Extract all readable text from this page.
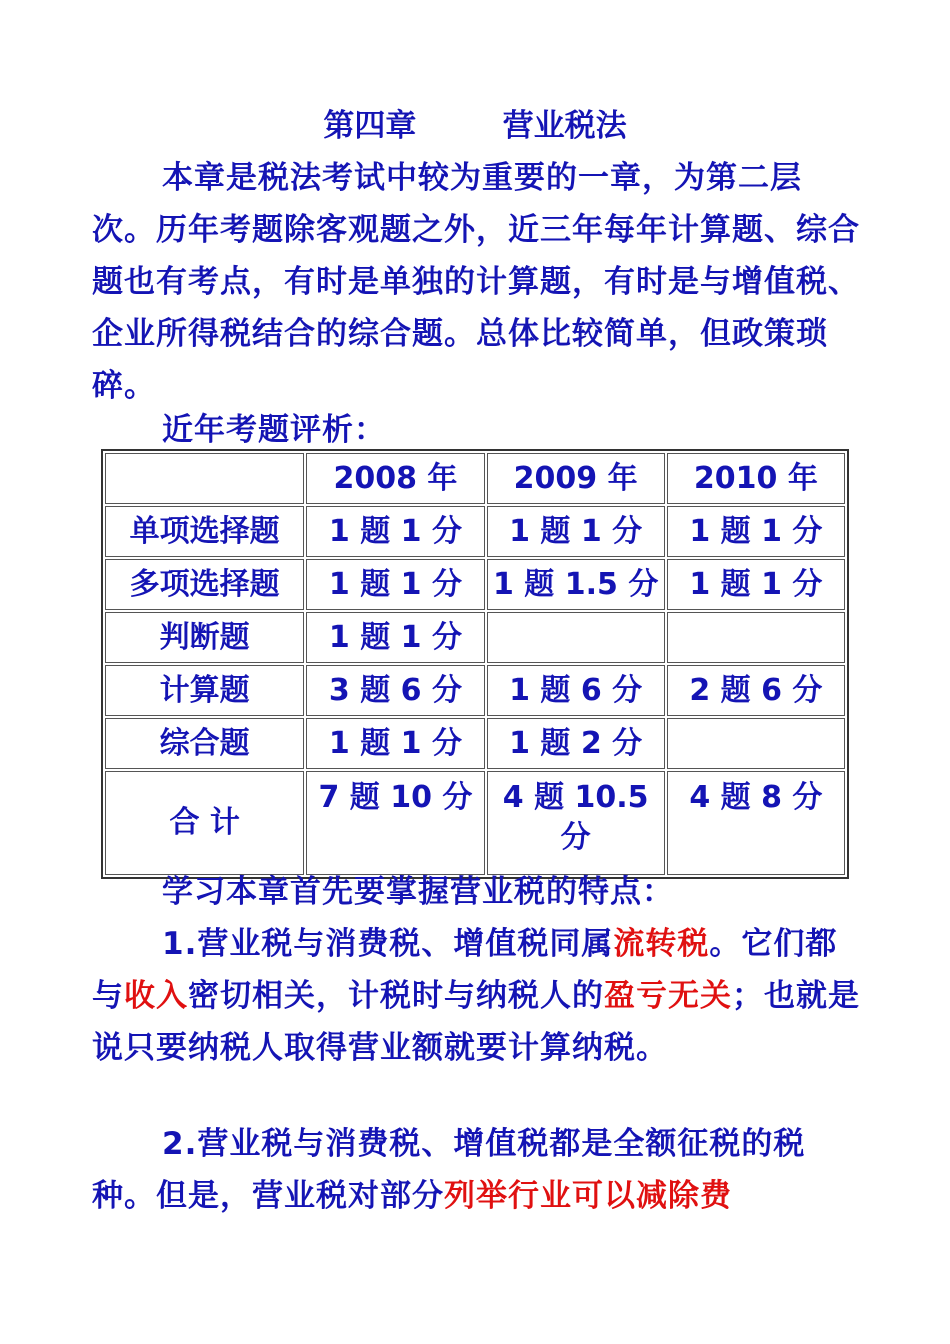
第四章        营业税法

本章是税法考试中较为重要的一章，为第二层次。历年考题除客观题之外，近三年每年计算题、综合题也有考点，有时是单独的计算题，有时是与增值税、企业所得税结合的综合题。总体比较简单，但政策琐碎。

近年考题评析：

	2008 年	2009 年	2010 年
单项选择题	1 题 1 分	1 题 1 分	1 题 1 分
多项选择题	1 题 1 分	1 题 1.5 分	1 题 1 分
判断题	1 题 1 分		
计算题	3 题 6 分	1 题 6 分	2 题 6 分
综合题	1 题 1 分	1 题 2 分	
合 计	7 题 10 分	4 题 10.5 分	4 题 8 分

学习本章首先要掌握营业税的特点：

1.营业税与消费税、增值税同属流转税。它们都与收入密切相关，计税时与纳税人的盈亏无关；也就是说只要纳税人取得营业额就要计算纳税。

2.营业税与消费税、增值税都是全额征税的税种。但是，营业税对部分列举行业可以减除费
